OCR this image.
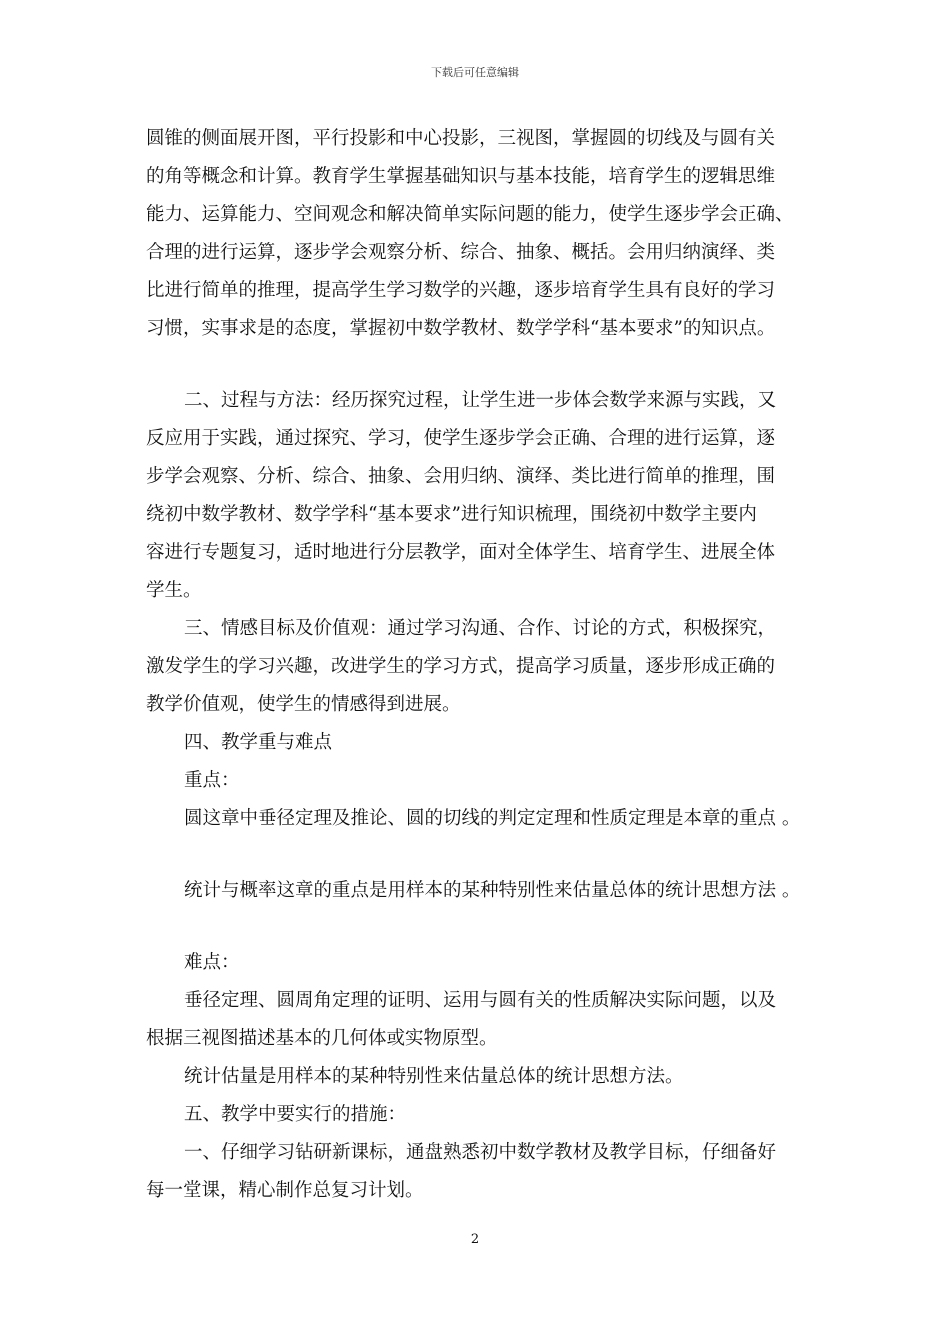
下载后可任意编辑
圆锥的侧面展开图，平行投影和中心投影，三视图，掌握圆的切线及与圆有关
的角等概念和计算。教育学生掌握基础知识与基本技能，培育学生的逻辑思维
能力、运算能力、空间观念和解决简单实际问题的能力，使学生逐步学会正确、
合理的进行运算，逐步学会观察分析、综合、抽象、概括。会用归纳演绎、类
比进行简单的推理，提高学生学习数学的兴趣，逐步培育学生具有良好的学习
习惯，实事求是的态度，掌握初中数学教材、数学学科“基本要求”的知识点。
二、过程与方法：经历探究过程，让学生进一步体会数学来源与实践，又
反应用于实践，通过探究、学习，使学生逐步学会正确、合理的进行运算，逐
步学会观察、分析、综合、抽象、会用归纳、演绎、类比进行简单的推理，围
绕初中数学教材、数学学科“基本要求”进行知识梳理，围绕初中数学主要内
容进行专题复习，适时地进行分层教学，面对全体学生、培育学生、进展全体
学生。
三、情感目标及价值观：通过学习沟通、合作、讨论的方式，积极探究，
激发学生的学习兴趣，改进学生的学习方式，提高学习质量，逐步形成正确的
教学价值观，使学生的情感得到进展。
四、教学重与难点
重点：
圆这章中垂径定理及推论、圆的切线的判定定理和性质定理是本章的重点 。
统计与概率这章的重点是用样本的某种特别性来估量总体的统计思想方法 。
难点：
垂径定理、圆周角定理的证明、运用与圆有关的性质解决实际问题，以及
根据三视图描述基本的几何体或实物原型。
统计估量是用样本的某种特别性来估量总体的统计思想方法。
五、教学中要实行的措施：
一、仔细学习钻研新课标，通盘熟悉初中数学教材及教学目标，仔细备好
每一堂课，精心制作总复习计划。
2
